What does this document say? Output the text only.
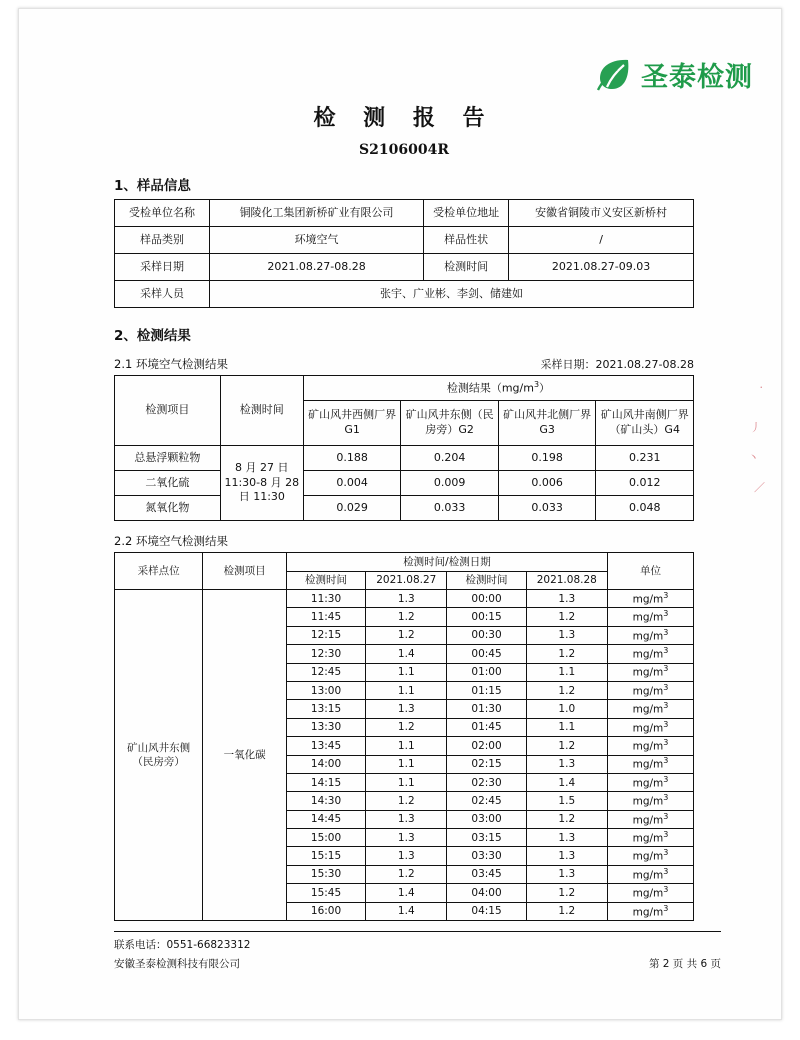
·
丿
丶
／
圣泰检测
检 测 报 告
S2106004R
1、样品信息
受检单位名称	铜陵化工集团新桥矿业有限公司	受检单位地址	安徽省铜陵市义安区新桥村
样品类别	环境空气	样品性状	/
采样日期	2021.08.27-08.28	检测时间	2021.08.27-09.03
采样人员	张宇、广业彬、李剑、储建如		
2、检测结果
2.1 环境空气检测结果	采样日期：2021.08.27-08.28
检测项目	检测时间	检测结果$(mg/m^3)$			
		矿山风井西侧厂界 G1	矿山风井东侧（民房旁）G2	矿山风井北侧厂界 G3	矿山风井南侧厂界（矿山头）G4
总悬浮颗粒物	8 月 27 日 11:30-8 月 28 日 11:30	0.188	0.204	0.198	0.231
二氧化硫		0.004	0.009	0.006	0.012
氮氧化物		0.029	0.033	0.033	0.048
2.2 环境空气检测结果
采样点位	检测项目	检测时间/检测日期				单位
		检测时间	2021.08.27	检测时间	2021.08.28	
矿山风井东侧（民房旁）	一氧化碳	11:30	1.3	00:00	1.3	$mg/m^3$
		11:45	1.2	00:15	1.2	$mg/m^3$
		12:15	1.2	00:30	1.3	$mg/m^3$
		12:30	1.4	00:45	1.2	$mg/m^3$
		12:45	1.1	01:00	1.1	$mg/m^3$
		13:00	1.1	01:15	1.2	$mg/m^3$
		13:15	1.3	01:30	1.0	$mg/m^3$
		13:30	1.2	01:45	1.1	$mg/m^3$
		13:45	1.1	02:00	1.2	$mg/m^3$
		14:00	1.1	02:15	1.3	$mg/m^3$
		14:15	1.1	02:30	1.4	$mg/m^3$
		14:30	1.2	02:45	1.5	$mg/m^3$
		14:45	1.3	03:00	1.2	$mg/m^3$
		15:00	1.3	03:15	1.3	$mg/m^3$
		15:15	1.3	03:30	1.3	$mg/m^3$
		15:30	1.2	03:45	1.3	$mg/m^3$
		15:45	1.4	04:00	1.2	$mg/m^3$
		16:00	1.4	04:15	1.2	$mg/m^3$
联系电话：0551-66823312
安徽圣泰检测科技有限公司	第 2 页 共 6 页
